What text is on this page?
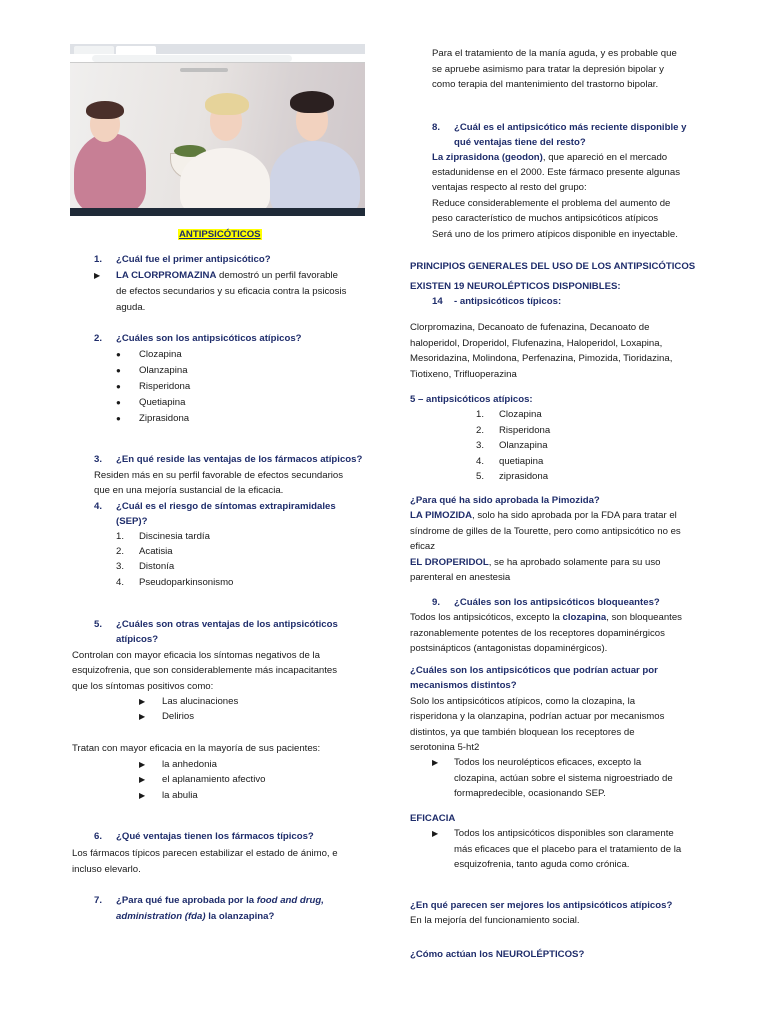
ANTIPSICÓTICOS
1. ¿Cuál fue el primer antipsicótico?
▶ LA CLORPROMAZINA demostró un perfil favorable
de efectos secundarios y su eficacia contra la psicosis
aguda.
2. ¿Cuáles son los antipsicóticos atípicos?
● Clozapina
● Olanzapina
● Risperidona
● Quetiapina
● Ziprasidona
3. ¿En qué reside las ventajas de los fármacos atípicos?
Residen más en su perfil favorable de efectos secundarios
que en una mejoría sustancial de la eficacia.
4. ¿Cuál es el riesgo de síntomas extrapiramidales
(SEP)?
1. Discinesia tardía
2. Acatisia
3. Distonía
4. Pseudoparkinsonismo
5. ¿Cuáles son otras ventajas de los antipsicóticos
atípicos?
Controlan con mayor eficacia los síntomas negativos de la
esquizofrenia, que son considerablemente más incapacitantes
que los síntomas positivos como:
▶ Las alucinaciones
▶ Delirios
Tratan con mayor eficacia en la mayoría de sus pacientes:
▶ la anhedonia
▶ el aplanamiento afectivo
▶ la abulia
6. ¿Qué ventajas tienen los fármacos típicos?
Los fármacos típicos parecen estabilizar el estado de ánimo, e
incluso elevarlo.
7. ¿Para qué fue aprobada por la food and drug,
administration (fda) la olanzapina?
Para el tratamiento de la manía aguda, y es probable que
se apruebe asimismo para tratar la depresión bipolar y
como terapia del mantenimiento del trastorno bipolar.
8. ¿Cuál es el antipsicótico más reciente disponible y
qué ventajas tiene del resto?
La ziprasidona (geodon), que apareció en el mercado
estadunidense en el 2000. Este fármaco presente algunas
ventajas respecto al resto del grupo:
Reduce considerablemente el problema del aumento de
peso característico de muchos antipsicóticos atípicos
Será uno de los primero atípicos disponible en inyectable.
PRINCIPIOS GENERALES DEL USO DE LOS ANTIPSICÓTICOS
EXISTEN 19 NEUROLÉPTICOS DISPONIBLES:
14 - antipsicóticos típicos:
Clorpromazina, Decanoato de fufenazina, Decanoato de
haloperidol, Droperidol, Flufenazina, Haloperidol, Loxapina,
Mesoridazina, Molindona, Perfenazina, Pimozida, Tioridazina,
Tiotixeno, Trifluoperazina
5 – antipsicóticos atípicos:
1. Clozapina
2. Risperidona
3. Olanzapina
4. quetiapina
5. ziprasidona
¿Para qué ha sido aprobada la Pimozida?
LA PIMOZIDA, solo ha sido aprobada por la FDA para tratar el
síndrome de gilles de la Tourette, pero como antipsicótico no es
eficaz
EL DROPERIDOL, se ha aprobado solamente para su uso
parenteral en anestesia
9. ¿Cuáles son los antipsicóticos bloqueantes?
Todos los antipsicóticos, excepto la clozapina, son bloqueantes
razonablemente potentes de los receptores dopaminérgicos
postsinápticos (antagonistas dopaminérgicos).
¿Cuáles son los antipsicóticos que podrían actuar por
mecanismos distintos?
Solo los antipsicóticos atípicos, como la clozapina, la
risperidona y la olanzapina, podrían actuar por mecanismos
distintos, ya que también bloquean los receptores de
serotonina 5-ht2
▶ Todos los neurolépticos eficaces, excepto la
clozapina, actúan sobre el sistema nigroestriado de
formapredecible, ocasionando SEP.
EFICACIA
▶ Todos los antipsicóticos disponibles son claramente
más eficaces que el placebo para el tratamiento de la
esquizofrenia, tanto aguda como crónica.
¿En qué parecen ser mejores los antipsicóticos atípicos?
En la mejoría del funcionamiento social.
¿Cómo actúan los NEUROLÉPTICOS?
